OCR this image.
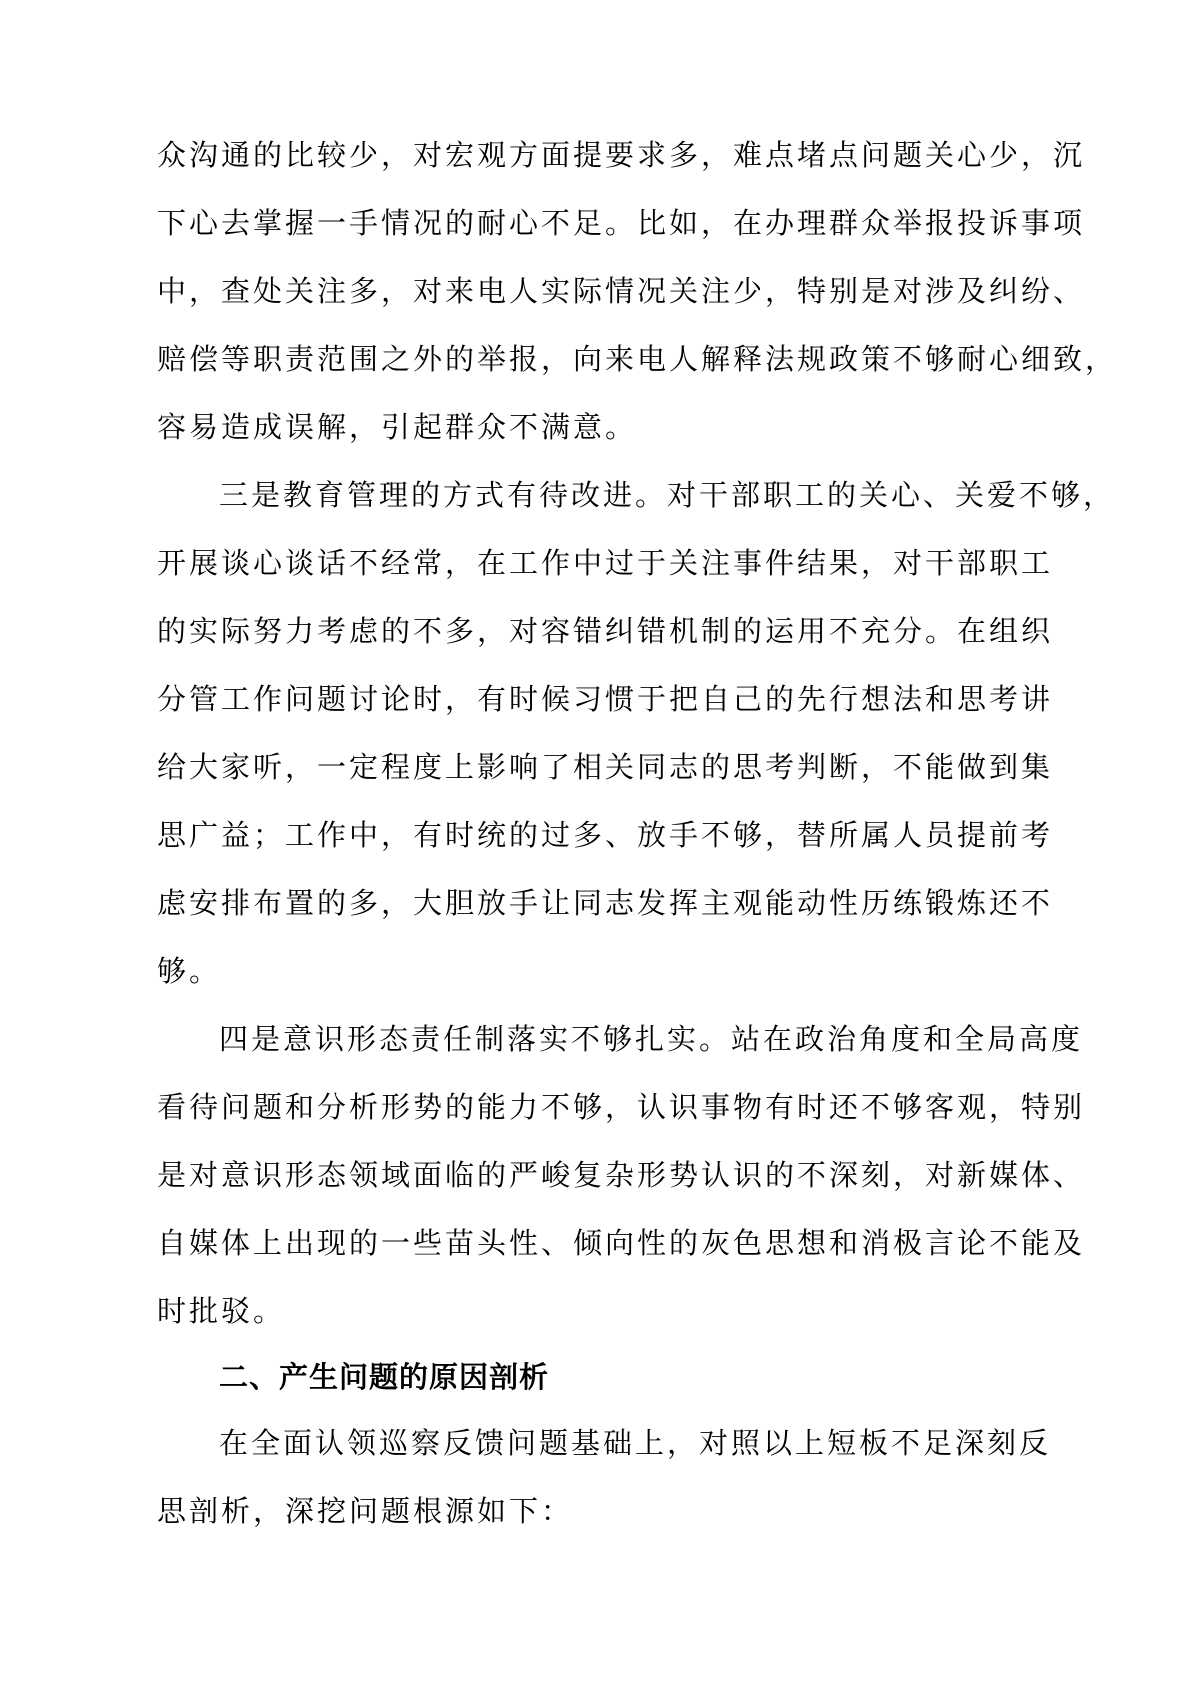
众沟通的比较少，对宏观方面提要求多，难点堵点问题关心少，沉
下心去掌握一手情况的耐心不足。比如，在办理群众举报投诉事项
中，查处关注多，对来电人实际情况关注少，特别是对涉及纠纷、
赔偿等职责范围之外的举报，向来电人解释法规政策不够耐心细致，
容易造成误解，引起群众不满意。
三是教育管理的方式有待改进。对干部职工的关心、关爱不够，
开展谈心谈话不经常，在工作中过于关注事件结果，对干部职工
的实际努力考虑的不多，对容错纠错机制的运用不充分。在组织
分管工作问题讨论时，有时候习惯于把自己的先行想法和思考讲
给大家听，一定程度上影响了相关同志的思考判断，不能做到集
思广益；工作中，有时统的过多、放手不够，替所属人员提前考
虑安排布置的多，大胆放手让同志发挥主观能动性历练锻炼还不
够。
四是意识形态责任制落实不够扎实。站在政治角度和全局高度
看待问题和分析形势的能力不够，认识事物有时还不够客观，特别
是对意识形态领域面临的严峻复杂形势认识的不深刻，对新媒体、
自媒体上出现的一些苗头性、倾向性的灰色思想和消极言论不能及
时批驳。
二、产生问题的原因剖析
在全面认领巡察反馈问题基础上，对照以上短板不足深刻反
思剖析，深挖问题根源如下：
